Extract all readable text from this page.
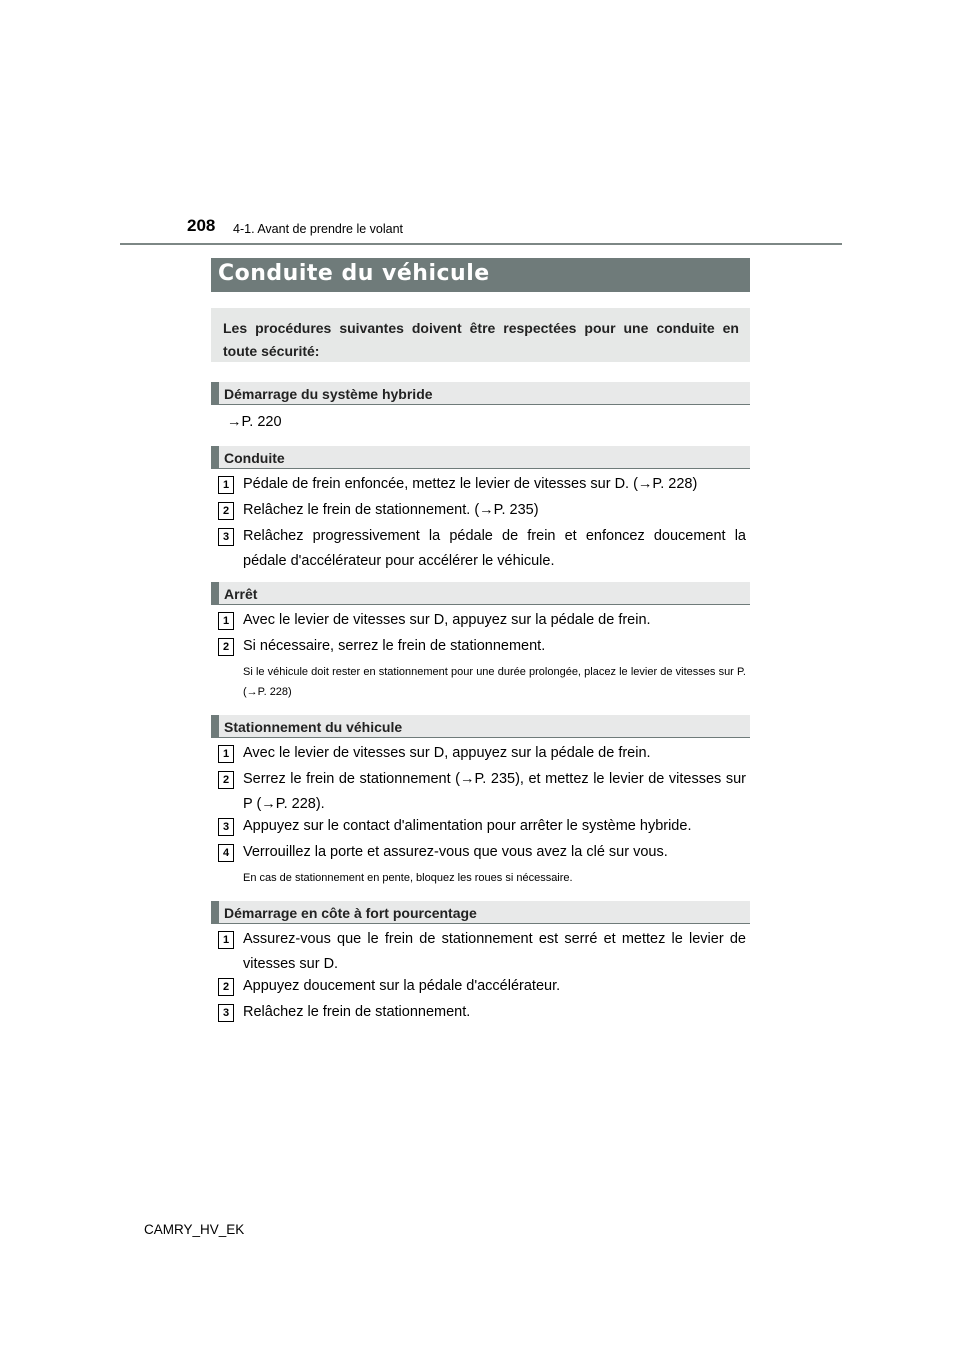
208 4-1. Avant de prendre le volant
Conduite du véhicule

Les procédures suivantes doivent être respectées pour une conduite en toute sécurité:

Démarrage du système hybride
→P. 220
Conduite
1 Pédale de frein enfoncée, mettez le levier de vitesses sur D. (→P. 228)
2 Relâchez le frein de stationnement. (→P. 235)
3 Relâchez progressivement la pédale de frein et enfoncez doucement la pédale d'accélérateur pour accélérer le véhicule.
Arrêt
1 Avec le levier de vitesses sur D, appuyez sur la pédale de frein.
2 Si nécessaire, serrez le frein de stationnement.
Si le véhicule doit rester en stationnement pour une durée prolongée, placez le levier de vitesses sur P. (→P. 228)
Stationnement du véhicule
1 Avec le levier de vitesses sur D, appuyez sur la pédale de frein.
2 Serrez le frein de stationnement (→P. 235), et mettez le levier de vitesses sur P (→P. 228).
3 Appuyez sur le contact d'alimentation pour arrêter le système hybride.
4 Verrouillez la porte et assurez-vous que vous avez la clé sur vous.
En cas de stationnement en pente, bloquez les roues si nécessaire.
Démarrage en côte à fort pourcentage
1 Assurez-vous que le frein de stationnement est serré et mettez le levier de vitesses sur D.
2 Appuyez doucement sur la pédale d'accélérateur.
3 Relâchez le frein de stationnement.
CAMRY_HV_EK
